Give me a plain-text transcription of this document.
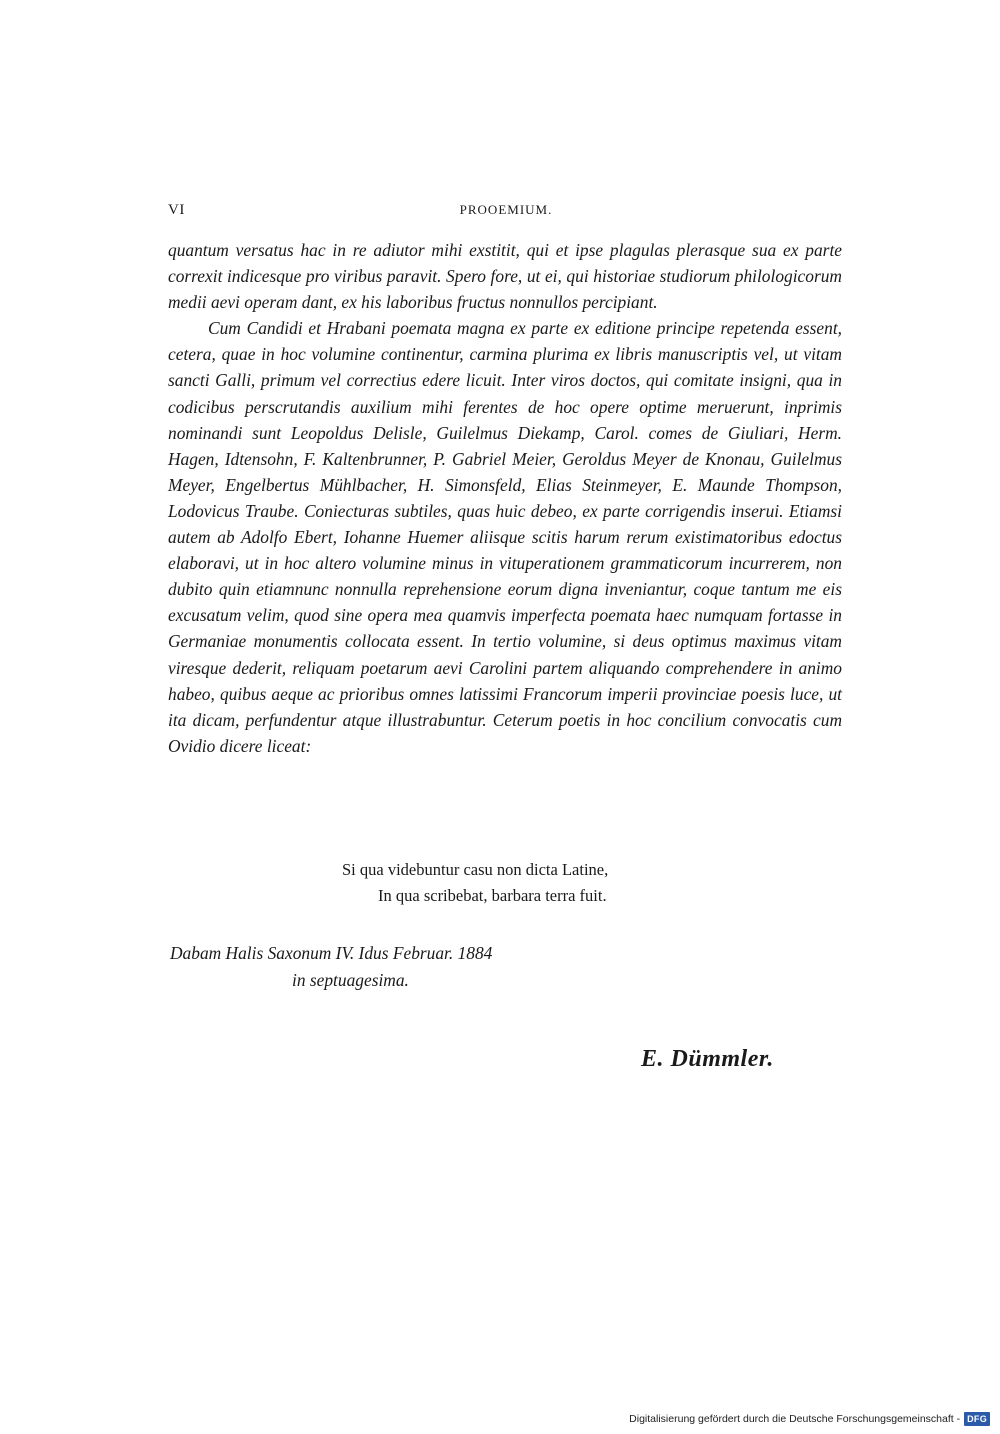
VI	PROOEMIUM.

quantum versatus hac in re adiutor mihi exstitit, qui et ipse plagulas plerasque sua ex parte correxit indicesque pro viribus paravit. Spero fore, ut ei, qui historiae studiorum philologicorum medii aevi operam dant, ex his laboribus fructus nonnullos percipiant.

Cum Candidi et Hrabani poemata magna ex parte ex editione principe repetenda essent, cetera, quae in hoc volumine continentur, carmina plurima ex libris manuscriptis vel, ut vitam sancti Galli, primum vel correctius edere licuit. Inter viros doctos, qui comitate insigni, qua in codicibus perscrutandis auxilium mihi ferentes de hoc opere optime meruerunt, inprimis nominandi sunt Leopoldus Delisle, Guilelmus Diekamp, Carol. comes de Giuliari, Herm. Hagen, Idtensohn, F. Kaltenbrunner, P. Gabriel Meier, Geroldus Meyer de Knonau, Guilelmus Meyer, Engelbertus Mühlbacher, H. Simonsfeld, Elias Steinmeyer, E. Maunde Thompson, Lodovicus Traube. Coniecturas subtiles, quas huic debeo, ex parte corrigendis inserui. Etiamsi autem ab Adolfo Ebert, Iohanne Huemer aliisque scitis harum rerum existimatoribus edoctus elaboravi, ut in hoc altero volumine minus in vituperationem grammaticorum incurrerem, non dubito quin etiamnunc nonnulla reprehensione eorum digna inveniantur, coque tantum me eis excusatum velim, quod sine opera mea quamvis imperfecta poemata haec numquam fortasse in Germaniae monumentis collocata essent. In tertio volumine, si deus optimus maximus vitam viresque dederit, reliquam poetarum aevi Carolini partem aliquando comprehendere in animo habeo, quibus aeque ac prioribus omnes latissimi Francorum imperii provinciae poesis luce, ut ita dicam, perfundentur atque illustrabuntur. Ceterum poetis in hoc concilium convocatis cum Ovidio dicere liceat:

Si qua videbuntur casu non dicta Latine,
In qua scribebat, barbara terra fuit.
Dabam Halis Saxonum IV. Idus Februar. 1884
in septuagesima.
E. Dümmler.
Digitalisierung gefördert durch die Deutsche Forschungsgemeinschaft - DFG
